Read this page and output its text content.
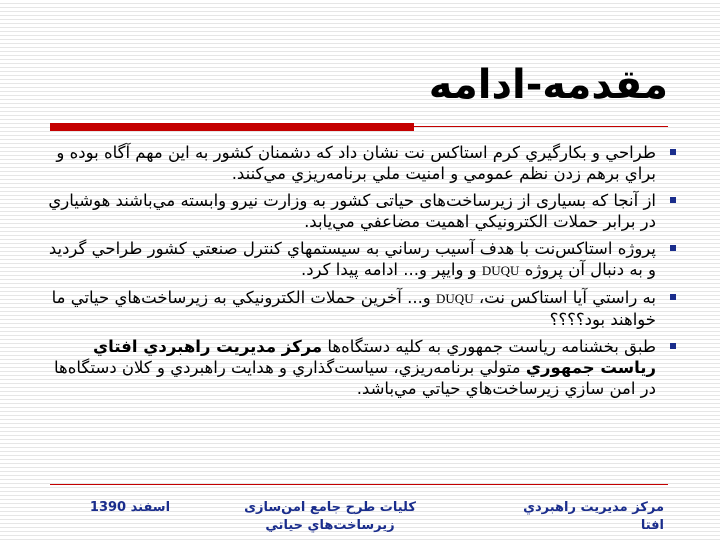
مقدمه-ادامه
طراحي و بكارگيري كرم استاكس نت نشان داد كه دشمنان كشور به اين مهم آگاه بوده و براي برهم زدن نظم عمومي و امنيت ملي برنامه‌ريزي مي‌كنند.
از آنجا که بسیاری از زیرساخت‌های حیاتی کشور به وزارت نيرو وابسته مي‌باشند هوشياري در برابر حملات الكترونيكي اهميت مضاعفي مي‌يابد.
پروژه استاكس‌نت با هدف آسيب رساني به سيستمهاي كنترل صنعتي كشور طراحي گرديد و به دنبال آن پروژه DUQU و وايپر و... ادامه پيدا كرد.
به راستي آيا استاکس نت، DUQU و... آخرين حملات الكترونيكي به زيرساخت‌هاي حياتي ما خواهند بود؟؟؟؟
طبق بخشنامه رياست جمهوري به كليه دستگاه‌ها مركز مديريت راهبردي افتاي رياست جمهوري متولي برنامه‌ريزي، سياست‌گذاري و هدايت راهبردي و كلان دستگاه‌ها در امن سازي زيرساخت‌هاي حياتي مي‌باشد.
مركز مديريت راهبردي افتا
كليات طرح جامع امن‌سازی زيرساخت‌هاي حياتي
اسفند 1390
